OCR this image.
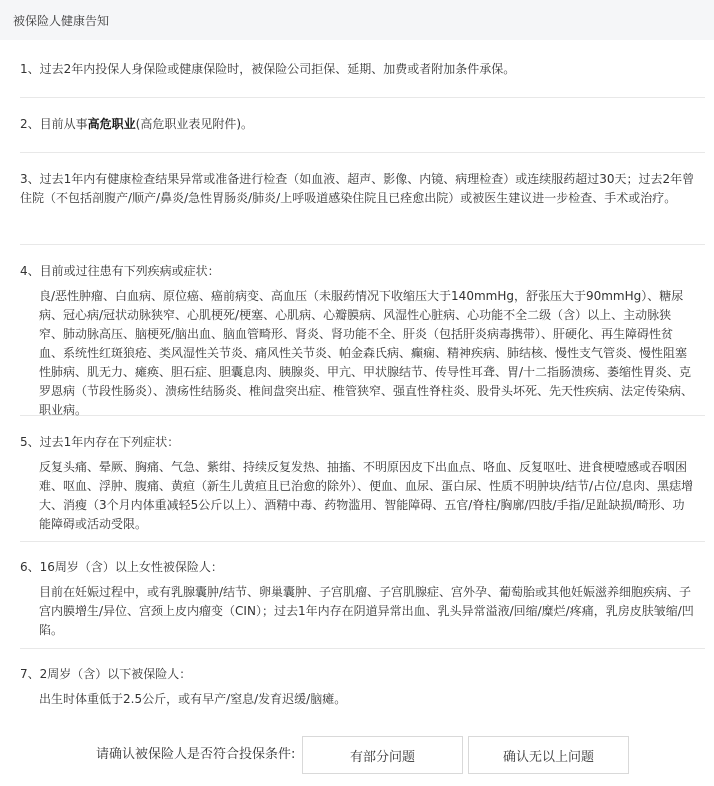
被保险人健康告知
1、过去2年内投保人身保险或健康保险时，被保险公司拒保、延期、加费或者附加条件承保。
2、目前从事高危职业(高危职业表见附件)。
3、过去1年内有健康检查结果异常或准备进行检查（如血液、超声、影像、内镜、病理检查）或连续服药超过30天；过去2年曾住院（不包括剖腹产/顺产/鼻炎/急性胃肠炎/肺炎/上呼吸道感染住院且已痊愈出院）或被医生建议进一步检查、手术或治疗。
4、目前或过往患有下列疾病或症状：
良/恶性肿瘤、白血病、原位癌、癌前病变、高血压（未服药情况下收缩压大于140mmHg，舒张压大于90mmHg）、糖尿病、冠心病/冠状动脉狭窄、心肌梗死/梗塞、心肌病、心瓣膜病、风湿性心脏病、心功能不全二级（含）以上、主动脉狭窄、肺动脉高压、脑梗死/脑出血、脑血管畸形、肾炎、肾功能不全、肝炎（包括肝炎病毒携带）、肝硬化、再生障碍性贫血、系统性红斑狼疮、类风湿性关节炎、痛风性关节炎、帕金森氏病、癫痫、精神疾病、肺结核、慢性支气管炎、慢性阻塞性肺病、肌无力、瘫痪、胆石症、胆囊息肉、胰腺炎、甲亢、甲状腺结节、传导性耳聋、胃/十二指肠溃疡、萎缩性胃炎、克罗恩病（节段性肠炎）、溃疡性结肠炎、椎间盘突出症、椎管狭窄、强直性脊柱炎、股骨头坏死、先天性疾病、法定传染病、职业病。
5、过去1年内存在下列症状：
反复头痛、晕厥、胸痛、气急、紫绀、持续反复发热、抽搐、不明原因皮下出血点、咯血、反复呕吐、进食梗噎感或吞咽困难、呕血、浮肿、腹痛、黄疸（新生儿黄疸且已治愈的除外）、便血、血尿、蛋白尿、性质不明肿块/结节/占位/息肉、黑痣增大、消瘦（3个月内体重减轻5公斤以上）、酒精中毒、药物滥用、智能障碍、五官/脊柱/胸廓/四肢/手指/足趾缺损/畸形、功能障碍或活动受限。
6、16周岁（含）以上女性被保险人：
目前在妊娠过程中，或有乳腺囊肿/结节、卵巢囊肿、子宫肌瘤、子宫肌腺症、宫外孕、葡萄胎或其他妊娠滋养细胞疾病、子宫内膜增生/异位、宫颈上皮内瘤变（CIN）；过去1年内存在阴道异常出血、乳头异常溢液/回缩/糜烂/疼痛，乳房皮肤皱缩/凹陷。
7、2周岁（含）以下被保险人：
出生时体重低于2.5公斤，或有早产/窒息/发育迟缓/脑瘫。
请确认被保险人是否符合投保条件:	有部分问题	确认无以上问题
